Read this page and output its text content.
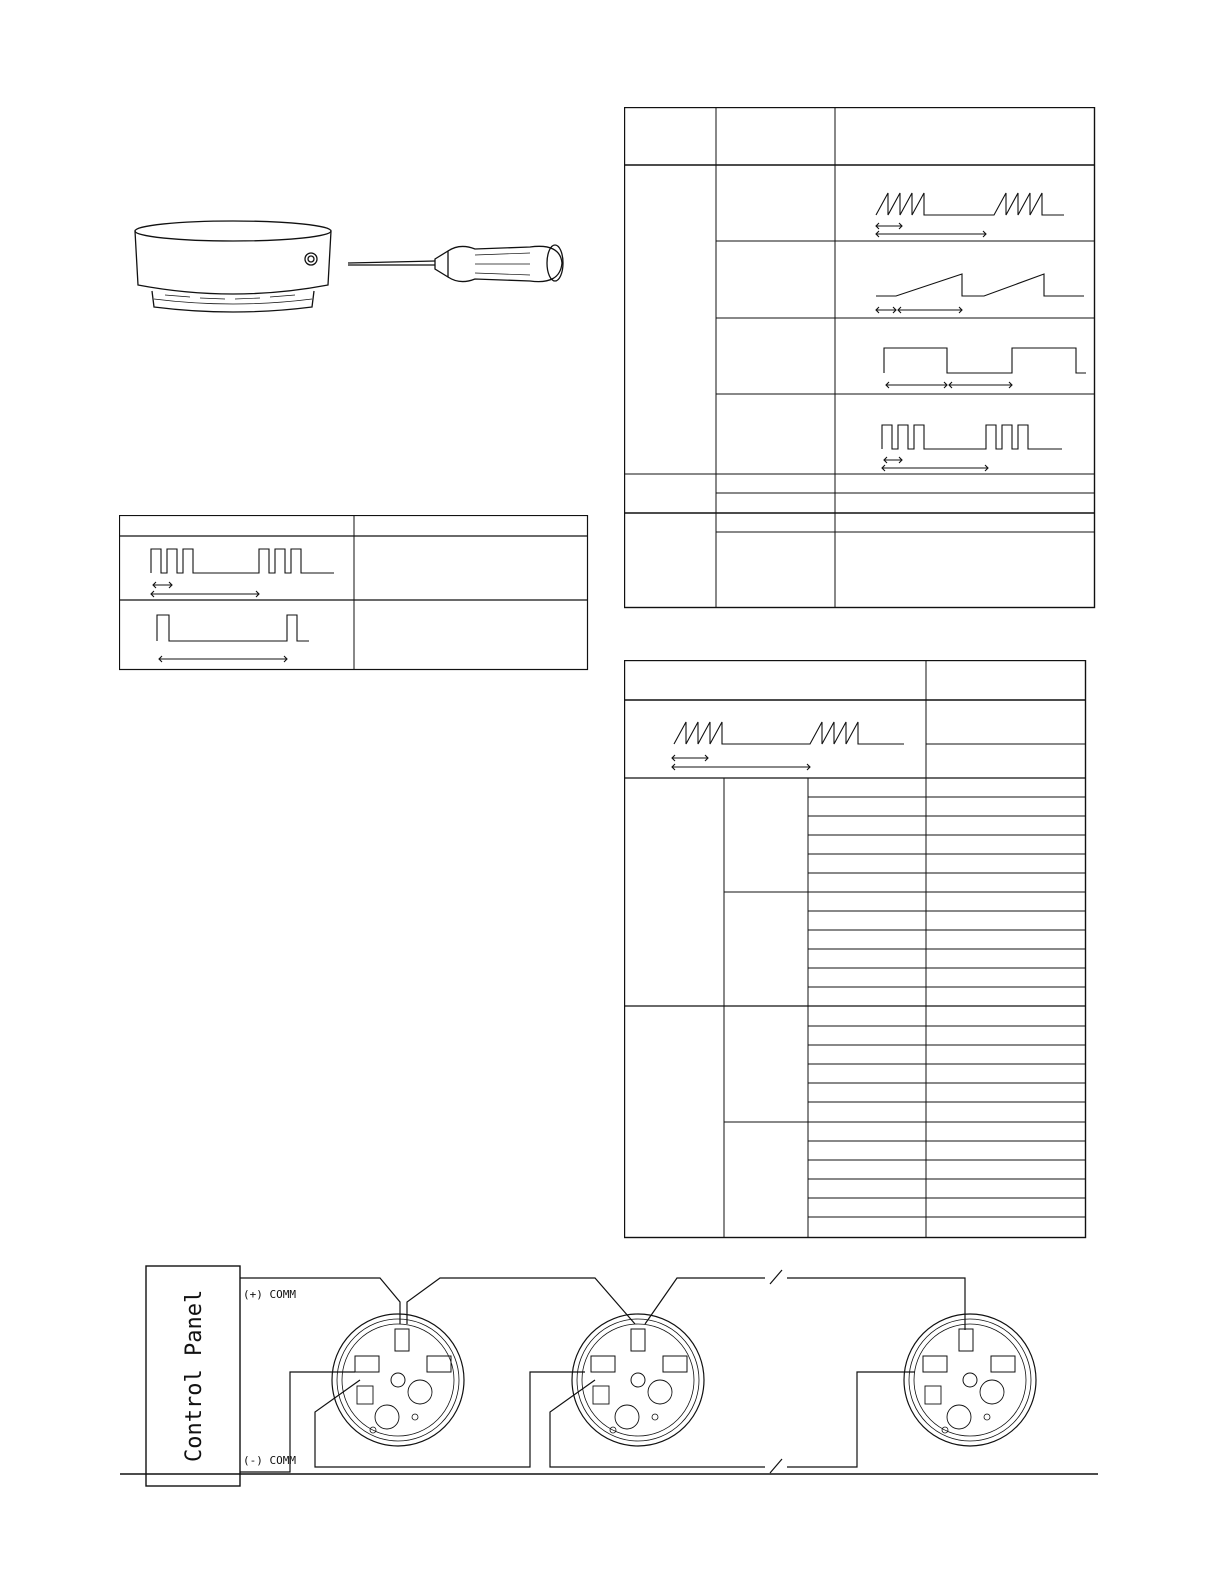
(+) COMM
(-) COMM
Control Panel
